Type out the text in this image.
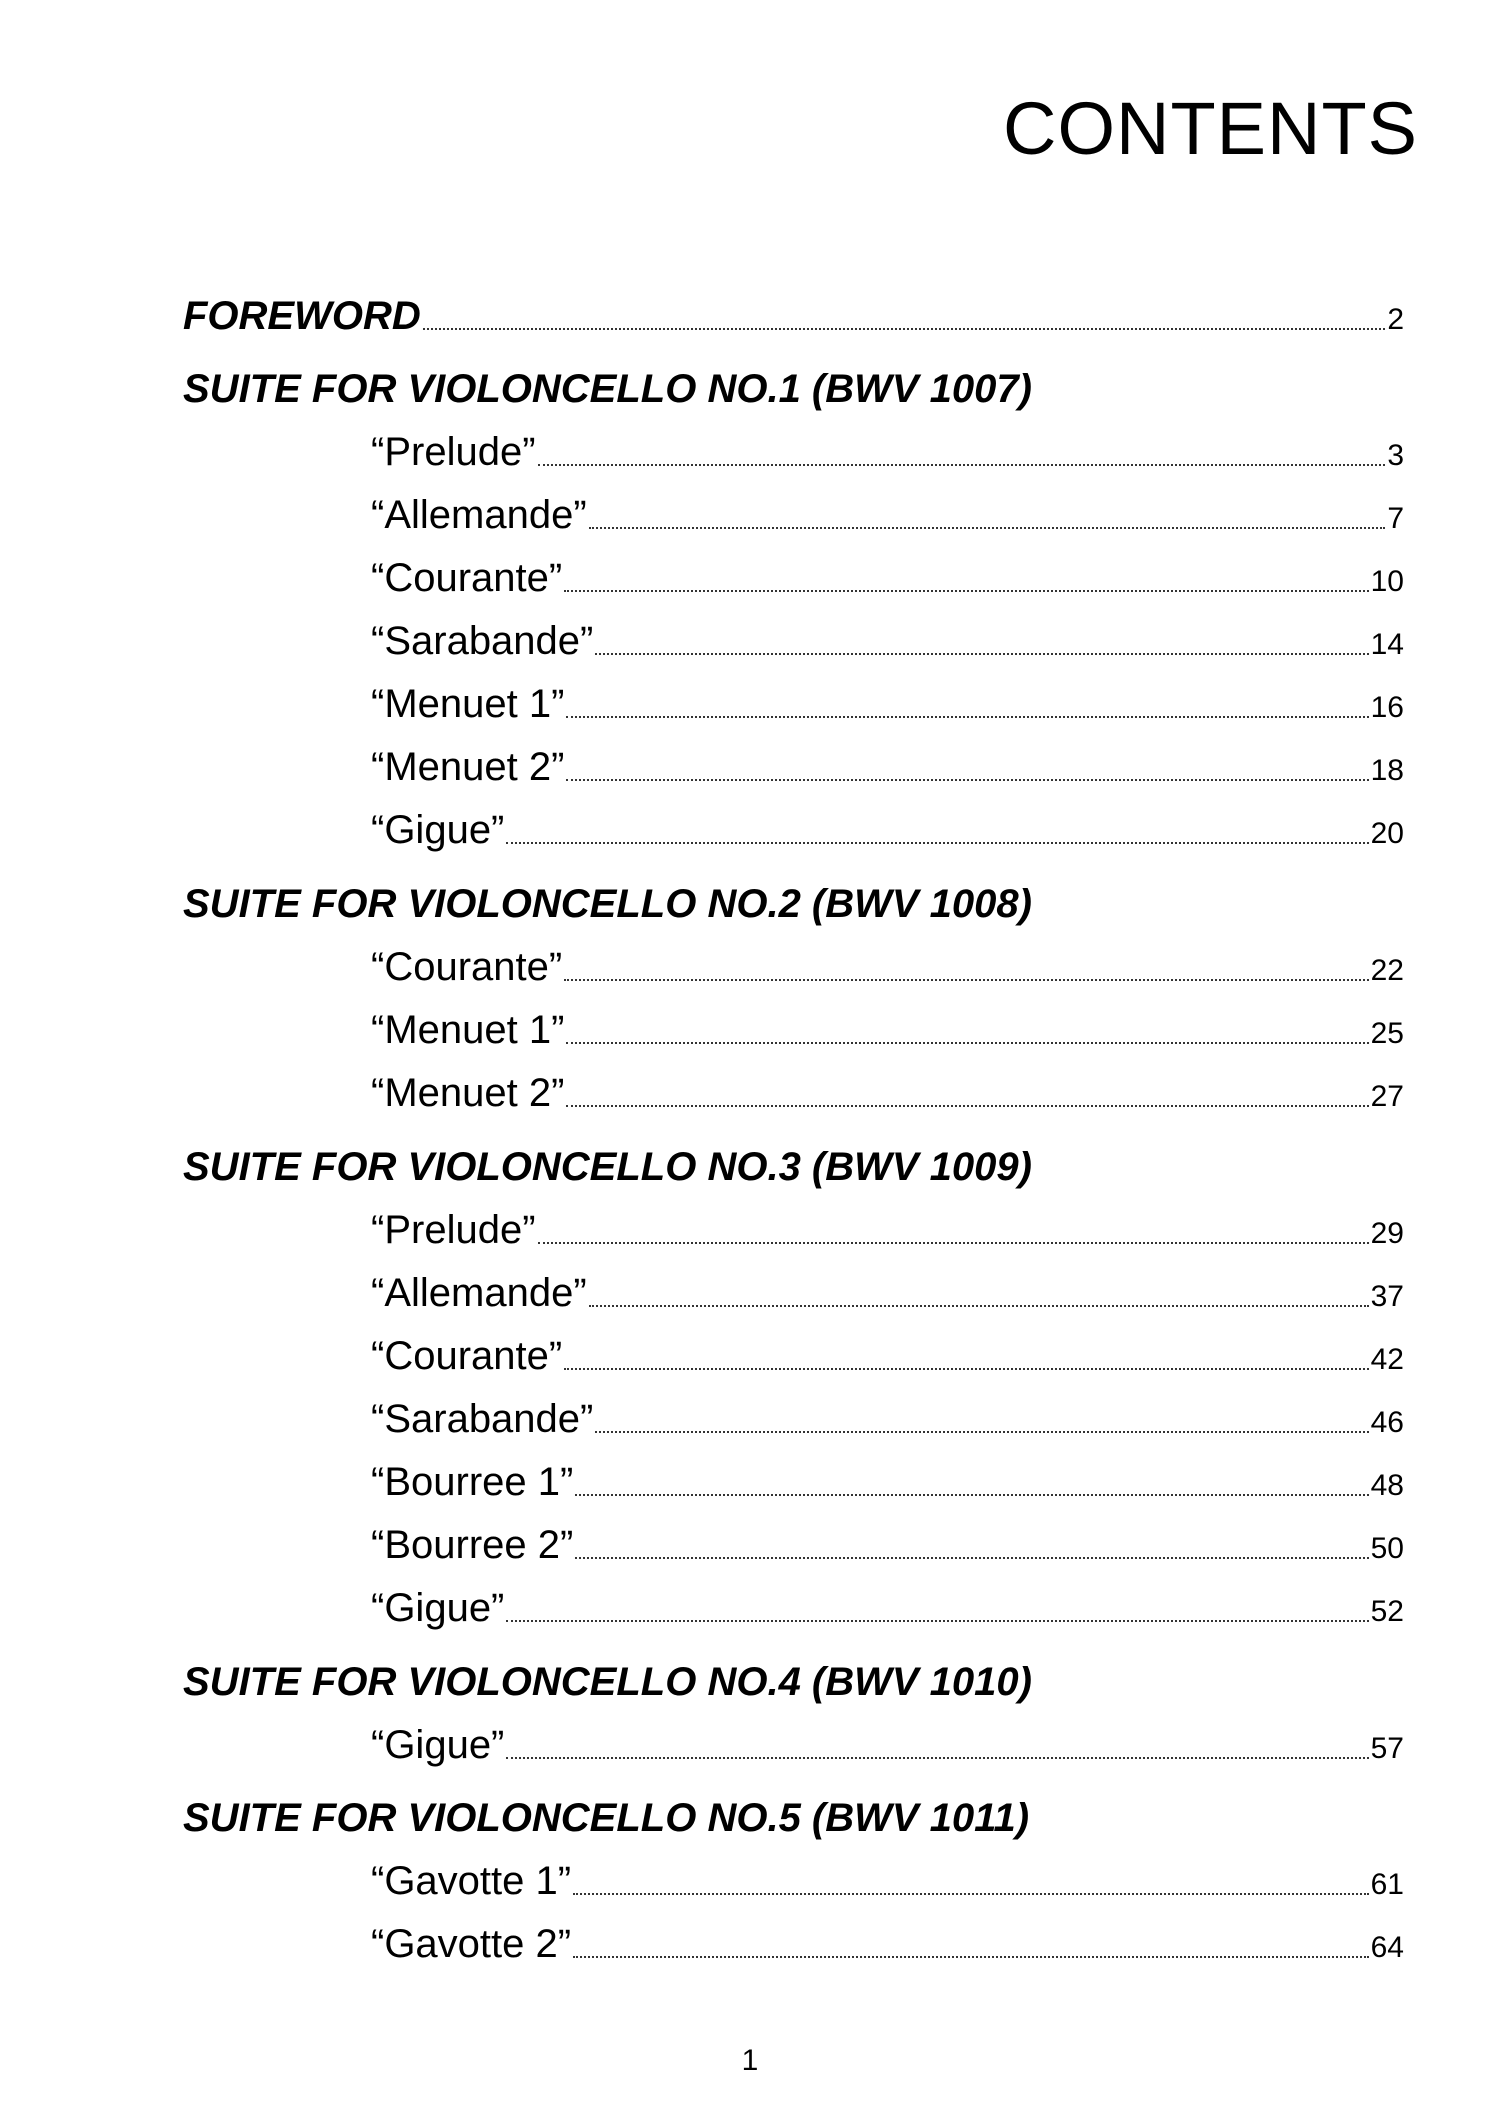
CONTENTS
FOREWORD	2
SUITE FOR VIOLONCELLO NO.1 (BWV 1007)
“Prelude”	3
“Allemande”	7
“Courante”	10
“Sarabande”	14
“Menuet 1”	16
“Menuet 2”	18
“Gigue”	20
SUITE FOR VIOLONCELLO NO.2 (BWV 1008)
“Courante”	22
“Menuet 1”	25
“Menuet 2”	27
SUITE FOR VIOLONCELLO NO.3 (BWV 1009)
“Prelude”	29
“Allemande”	37
“Courante”	42
“Sarabande”	46
“Bourree 1”	48
“Bourree 2”	50
“Gigue”	52
SUITE FOR VIOLONCELLO NO.4 (BWV 1010)
“Gigue”	57
SUITE FOR VIOLONCELLO NO.5 (BWV 1011)
“Gavotte 1”	61
“Gavotte 2”	64
1
